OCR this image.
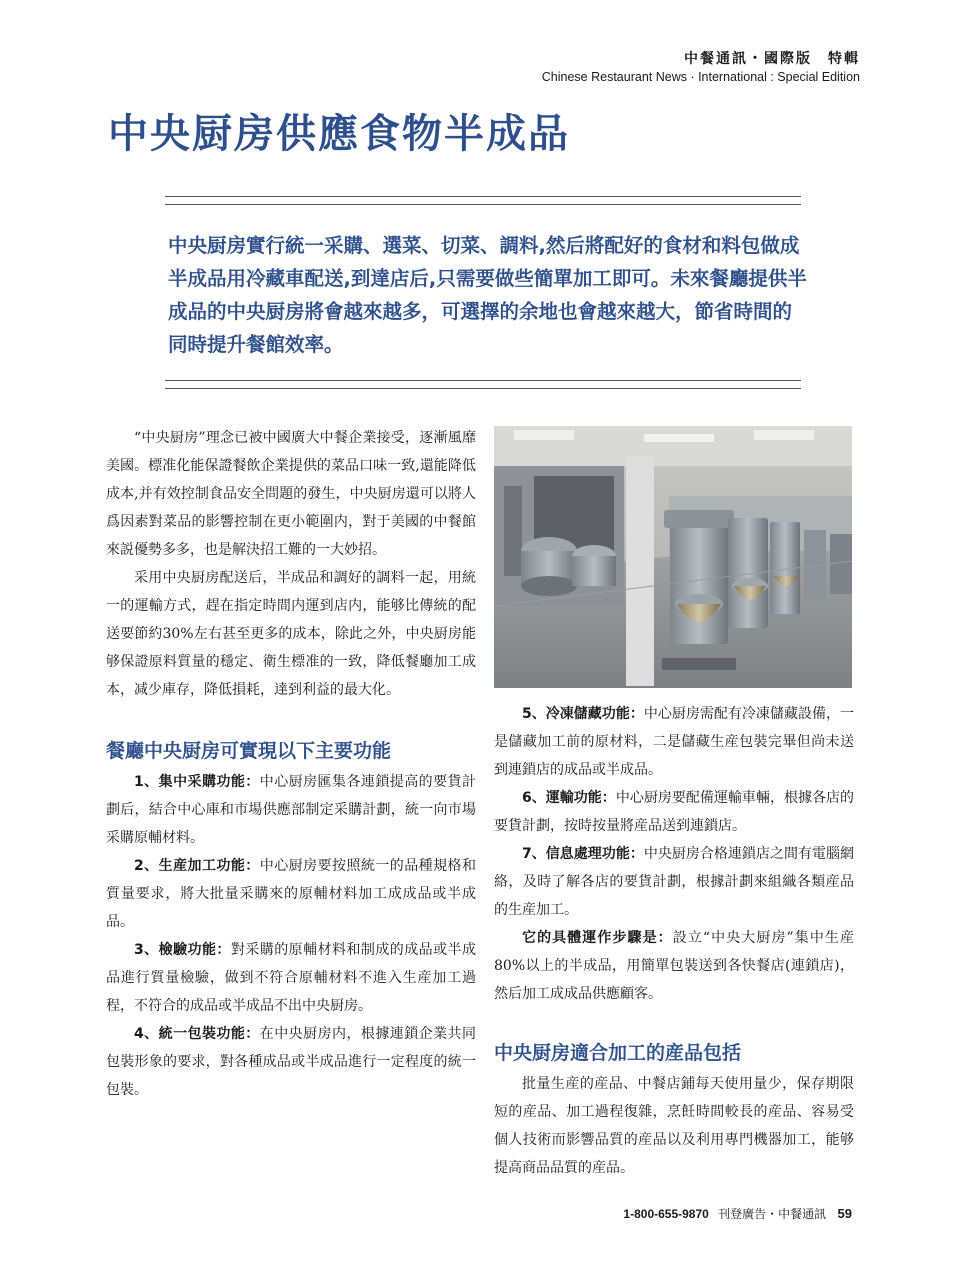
中餐通訊・國際版　特輯
Chinese Restaurant News · International : Special Edition
中央厨房供應食物半成品

中央厨房實行統一采購、選菜、切菜、調料,然后將配好的食材和料包做成半成品用冷藏車配送,到達店后,只需要做些簡單加工即可。未來餐廳提供半成品的中央厨房將會越來越多，可選擇的余地也會越來越大，節省時間的同時提升餐館效率。

“中央厨房”理念已被中國廣大中餐企業接受，逐漸風靡美國。標准化能保證餐飲企業提供的菜品口味一致,還能降低成本,并有效控制食品安全問題的發生，中央厨房還可以將人爲因素對菜品的影響控制在更小範圍内，對于美國的中餐館來説優勢多多，也是解決招工難的一大妙招。

采用中央厨房配送后，半成品和調好的調料一起，用統一的運輸方式，趕在指定時間内運到店内，能够比傳統的配送要節約30%左右甚至更多的成本，除此之外，中央厨房能够保證原料質量的穩定、衛生標准的一致，降低餐廳加工成本，减少庫存，降低損耗，達到利益的最大化。

餐廳中央厨房可實現以下主要功能

1、集中采購功能：中心厨房匯集各連鎖提高的要貨計劃后，結合中心庫和市場供應部制定采購計劃，統一向市場采購原輔材料。

2、生産加工功能：中心厨房要按照統一的品種規格和質量要求，將大批量采購來的原輔材料加工成成品或半成品。

3、檢驗功能：對采購的原輔材料和制成的成品或半成品進行質量檢驗，做到不符合原輔材料不進入生産加工過程，不符合的成品或半成品不出中央厨房。

4、統一包裝功能：在中央厨房内，根據連鎖企業共同包裝形象的要求，對各種成品或半成品進行一定程度的統一包裝。

5、冷凍儲藏功能：中心厨房需配有冷凍儲藏設備，一是儲藏加工前的原材料，二是儲藏生産包裝完畢但尚未送到連鎖店的成品或半成品。

6、運輸功能：中心厨房要配備運輸車輛，根據各店的要貨計劃，按時按量將産品送到連鎖店。

7、信息處理功能：中央厨房合格連鎖店之間有電腦網絡，及時了解各店的要貨計劃，根據計劃來組織各類産品的生産加工。

它的具體運作步驟是：設立“中央大厨房”集中生産80%以上的半成品，用簡單包裝送到各快餐店(連鎖店)，然后加工成成品供應顧客。

中央厨房適合加工的産品包括

批量生産的産品、中餐店鋪每天使用量少，保存期限短的産品、加工過程復雜，烹飪時間較長的産品、容易受個人技術而影響品質的産品以及利用專門機器加工，能够提高商品品質的産品。

1-800-655-9870 刊登廣告・中餐通訊 59
